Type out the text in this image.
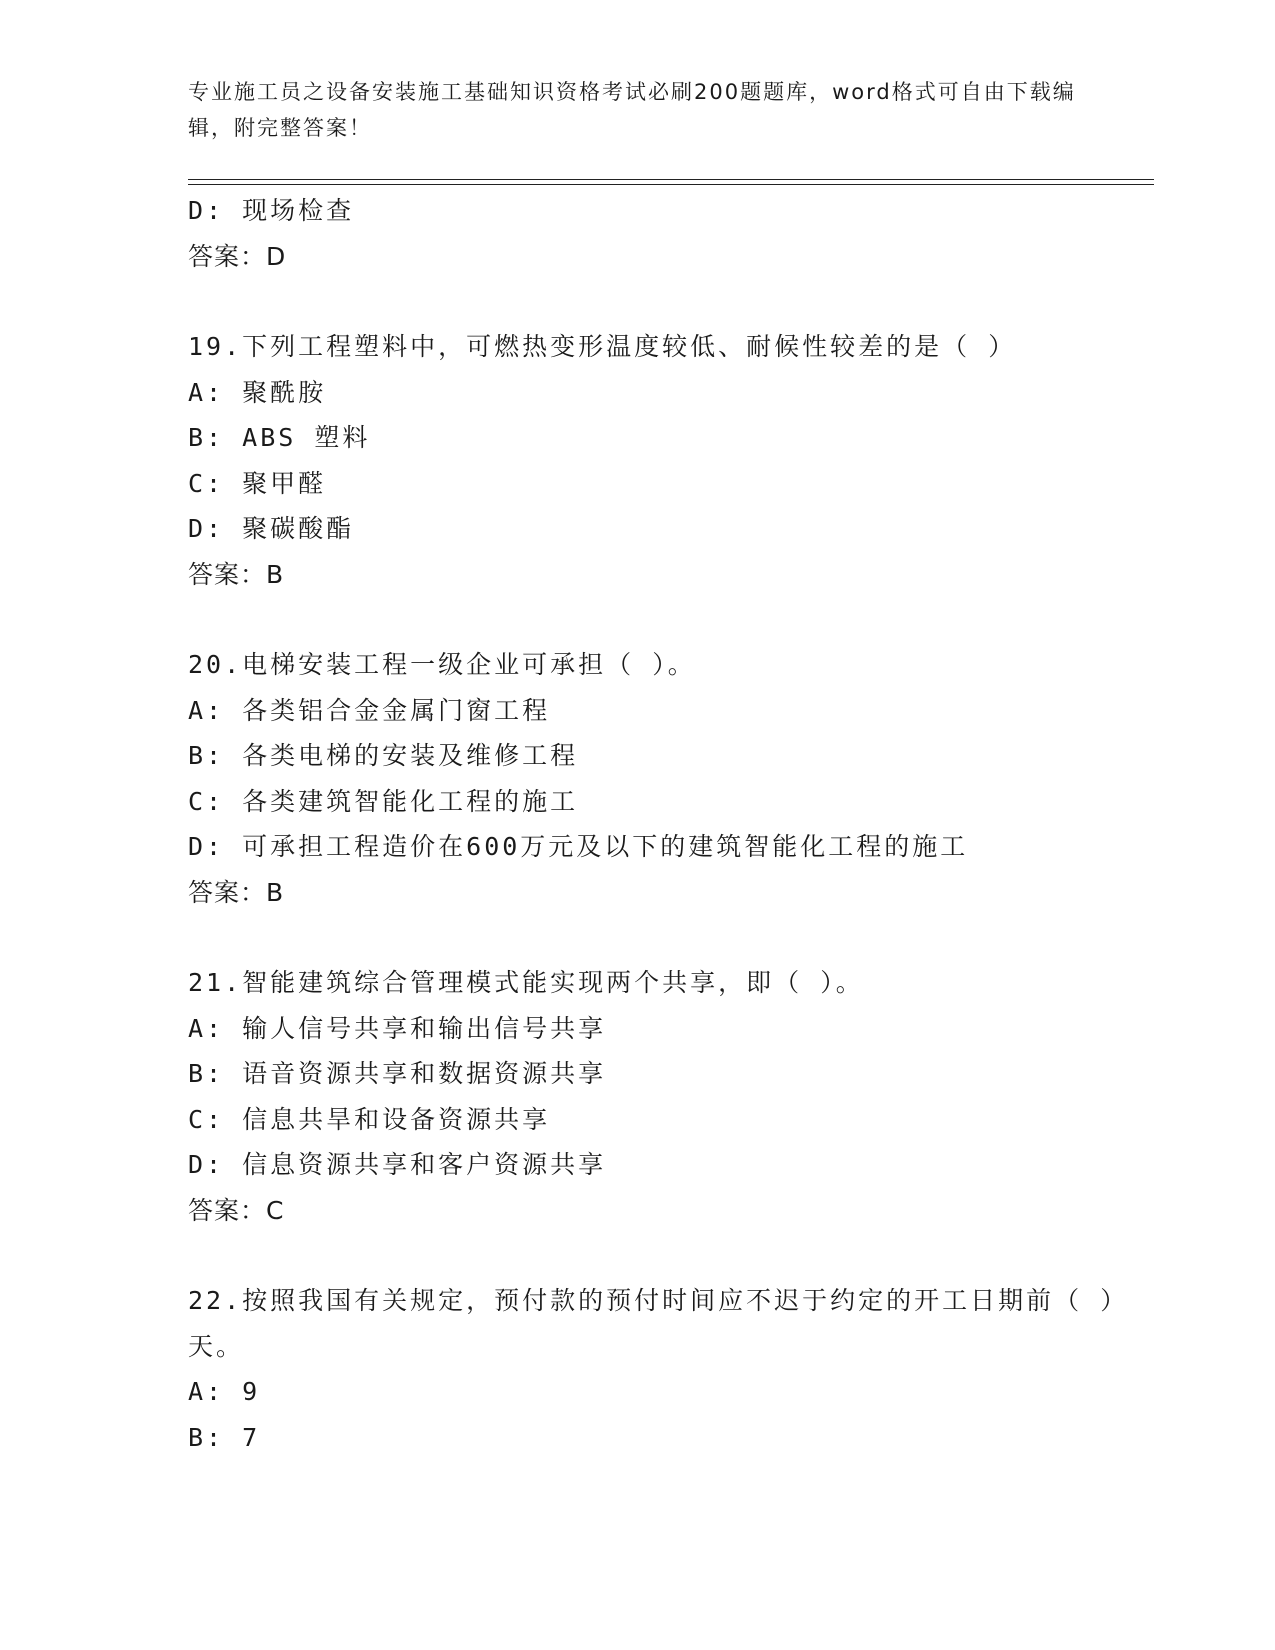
专业施工员之设备安装施工基础知识资格考试必刷200题题库，word格式可自由下载编辑，附完整答案！
D: 现场检查
答案：D
19.下列工程塑料中，可燃热变形温度较低、耐候性较差的是（ ）
A: 聚酰胺
B: ABS 塑料
C: 聚甲醛
D: 聚碳酸酯
答案：B
20.电梯安装工程一级企业可承担（ ）。
A: 各类铝合金金属门窗工程
B: 各类电梯的安装及维修工程
C: 各类建筑智能化工程的施工
D: 可承担工程造价在600万元及以下的建筑智能化工程的施工
答案：B
21.智能建筑综合管理模式能实现两个共享，即（ ）。
A: 输人信号共享和输出信号共享
B: 语音资源共享和数据资源共享
C: 信息共旱和设备资源共享
D: 信息资源共享和客户资源共享
答案：C
22.按照我国有关规定，预付款的预付时间应不迟于约定的开工日期前（ ）天。
A: 9
B: 7
